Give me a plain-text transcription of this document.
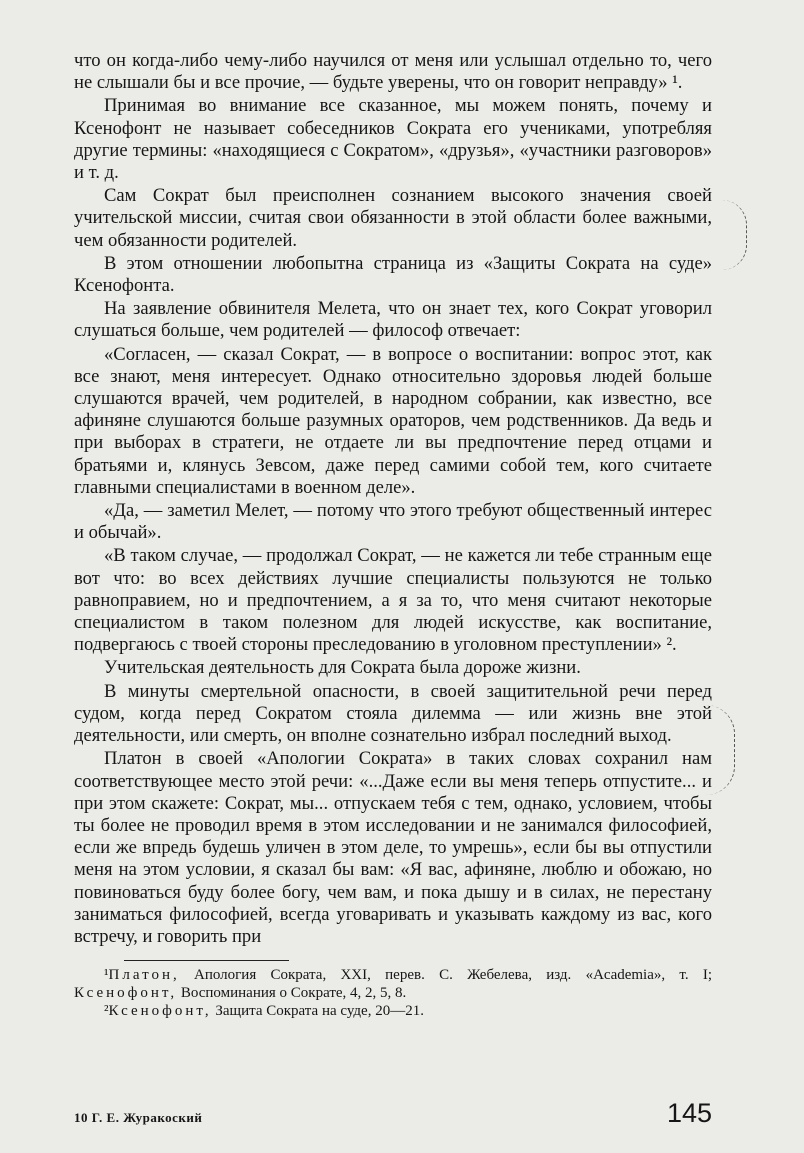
что он когда-либо чему-либо научился от меня или услышал отдельно то, чего не слышали бы и все прочие, — будьте уверены, что он говорит неправду» ¹.

Принимая во внимание все сказанное, мы можем понять, почему и Ксенофонт не называет собеседников Сократа его учениками, употребляя другие термины: «находящиеся с Сократом», «друзья», «участники разговоров» и т. д.

Сам Сократ был преисполнен сознанием высокого значения своей учительской миссии, считая свои обязанности в этой области более важными, чем обязанности родителей.

В этом отношении любопытна страница из «Защиты Сократа на суде» Ксенофонта.

На заявление обвинителя Мелета, что он знает тех, кого Сократ уговорил слушаться больше, чем родителей — философ отвечает:

«Согласен, — сказал Сократ, — в вопросе о воспитании: вопрос этот, как все знают, меня интересует. Однако относительно здоровья людей больше слушаются врачей, чем родителей, в народном собрании, как известно, все афиняне слушаются больше разумных ораторов, чем родственников. Да ведь и при выборах в стратеги, не отдаете ли вы предпочтение перед отцами и братьями и, клянусь Зевсом, даже перед самими собой тем, кого считаете главными специалистами в военном деле».

«Да, — заметил Мелет, — потому что этого требуют общественный интерес и обычай».

«В таком случае, — продолжал Сократ, — не кажется ли тебе странным еще вот что: во всех действиях лучшие специалисты пользуются не только равноправием, но и предпочтением, а я за то, что меня считают некоторые специалистом в таком полезном для людей искусстве, как воспитание, подвергаюсь с твоей стороны преследованию в уголовном преступлении» ².

Учительская деятельность для Сократа была дороже жизни.

В минуты смертельной опасности, в своей защитительной речи перед судом, когда перед Сократом стояла дилемма — или жизнь вне этой деятельности, или смерть, он вполне сознательно избрал последний выход.

Платон в своей «Апологии Сократа» в таких словах сохранил нам соответствующее место этой речи: «...Даже если вы меня теперь отпустите... и при этом скажете: Сократ, мы... отпускаем тебя с тем, однако, условием, чтобы ты более не проводил время в этом исследовании и не занимался философией, если же впредь будешь уличен в этом деле, то умрешь», если бы вы отпустили меня на этом условии, я сказал бы вам: «Я вас, афиняне, люблю и обожаю, но повиноваться буду более богу, чем вам, и пока дышу и в силах, не перестану заниматься философией, всегда уговаривать и указывать каждому из вас, кого встречу, и говорить при

¹Платон, Апология Сократа, XXI, перев. С. Жебелева, изд. «Academia», т. I; Ксенофонт, Воспоминания о Сократе, 4, 2, 5, 8.

²Ксенофонт, Защита Сократа на суде, 20—21.

10 Г. Е. Журакоский	145
